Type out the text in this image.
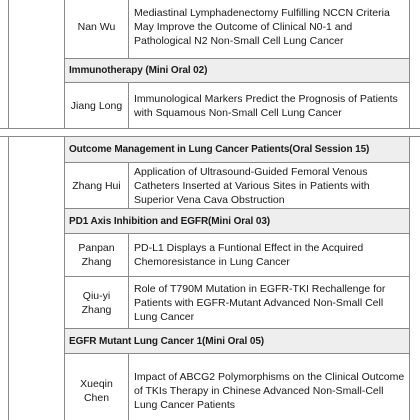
Nan Wu
Mediastinal Lymphadenectomy Fulfilling NCCN Criteria May Improve the Outcome of Clinical N0-1 and Pathological N2 Non-Small Cell Lung Cancer
Immunotherapy (Mini Oral 02)
Jiang Long
Immunological Markers Predict the Prognosis of Patients with Squamous Non-Small Cell Lung Cancer
Outcome Management in Lung Cancer Patients(Oral Session 15)
Zhang Hui
Application of Ultrasound-Guided Femoral Venous Catheters Inserted at Various Sites in Patients with Superior Vena Cava Obstruction
PD1 Axis Inhibition and EGFR(Mini Oral 03)
Panpan Zhang
PD-L1 Displays a Funtional Effect in the Acquired Chemoresistance in Lung Cancer
Qiu-yi Zhang
Role of T790M Mutation in EGFR-TKI Rechallenge for Patients with EGFR-Mutant Advanced Non-Small Cell Lung Cancer
EGFR Mutant Lung Cancer 1(Mini Oral 05)
Xueqin Chen
Impact of ABCG2 Polymorphisms on the Clinical Outcome of TKIs Therapy in Chinese Advanced Non-Small-Cell Lung Cancer Patients
